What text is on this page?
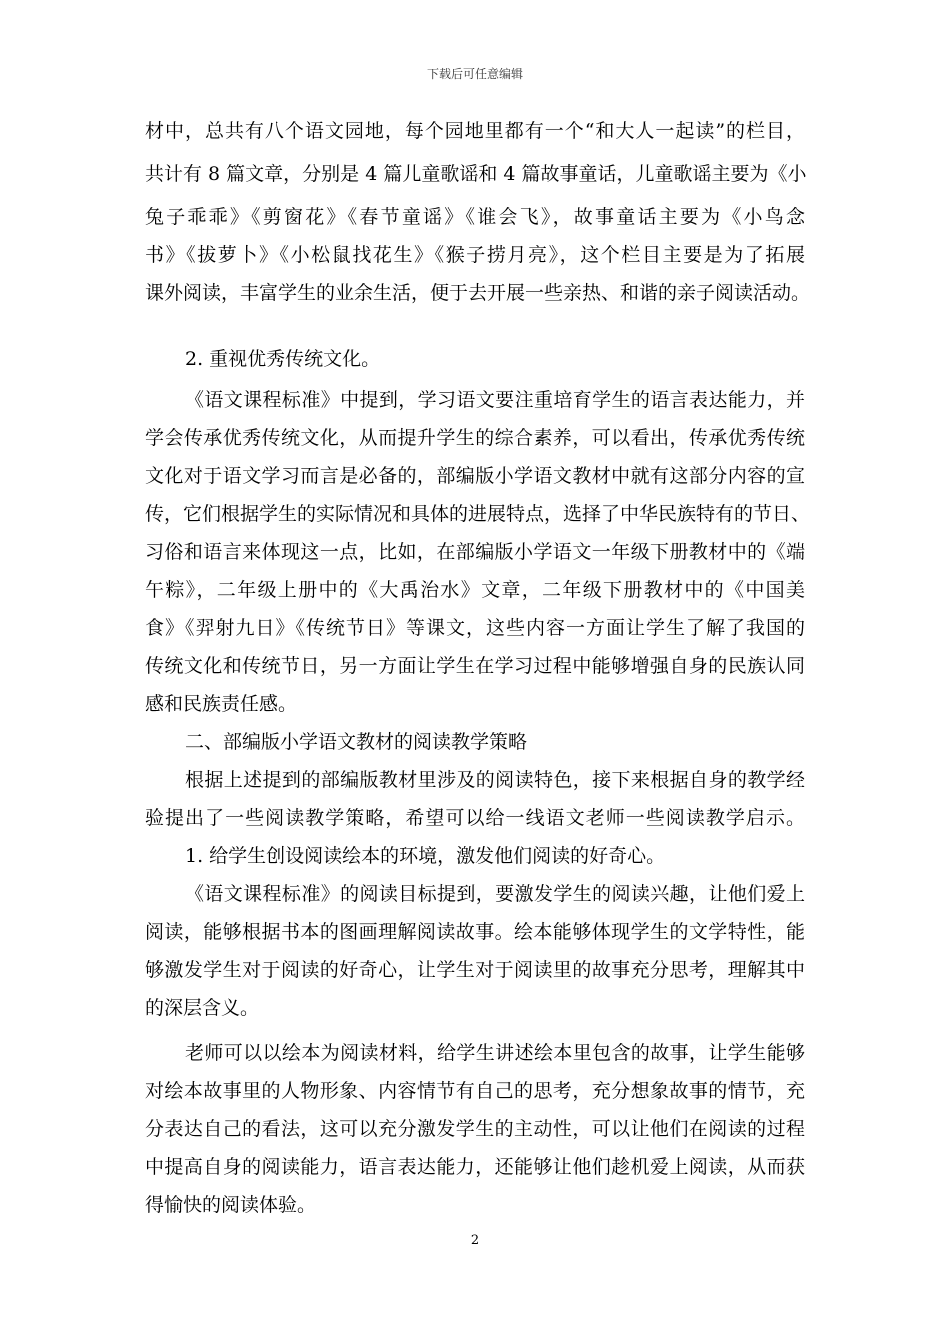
下载后可任意编辑
材中，总共有八个语文园地，每个园地里都有一个“和大人一起读”的栏目，
共计有 8 篇文章，分别是 4 篇儿童歌谣和 4 篇故事童话，儿童歌谣主要为《小
兔子乖乖》《剪窗花》《春节童谣》《谁会飞》，故事童话主要为《小鸟念
书》《拔萝卜》《小松鼠找花生》《猴子捞月亮》，这个栏目主要是为了拓展
课外阅读，丰富学生的业余生活，便于去开展一些亲热、和谐的亲子阅读活动。
2. 重视优秀传统文化。
《语文课程标准》中提到，学习语文要注重培育学生的语言表达能力，并
学会传承优秀传统文化，从而提升学生的综合素养，可以看出，传承优秀传统
文化对于语文学习而言是必备的，部编版小学语文教材中就有这部分内容的宣
传，它们根据学生的实际情况和具体的进展特点，选择了中华民族特有的节日、
习俗和语言来体现这一点，比如，在部编版小学语文一年级下册教材中的《端
午粽》，二年级上册中的《大禹治水》文章，二年级下册教材中的《中国美
食》《羿射九日》《传统节日》等课文，这些内容一方面让学生了解了我国的
传统文化和传统节日，另一方面让学生在学习过程中能够增强自身的民族认同
感和民族责任感。
二、部编版小学语文教材的阅读教学策略
根据上述提到的部编版教材里涉及的阅读特色，接下来根据自身的教学经
验提出了一些阅读教学策略，希望可以给一线语文老师一些阅读教学启示。
1. 给学生创设阅读绘本的环境，激发他们阅读的好奇心。
《语文课程标准》的阅读目标提到，要激发学生的阅读兴趣，让他们爱上
阅读，能够根据书本的图画理解阅读故事。绘本能够体现学生的文学特性，能
够激发学生对于阅读的好奇心，让学生对于阅读里的故事充分思考，理解其中
的深层含义。
老师可以以绘本为阅读材料，给学生讲述绘本里包含的故事，让学生能够
对绘本故事里的人物形象、内容情节有自己的思考，充分想象故事的情节，充
分表达自己的看法，这可以充分激发学生的主动性，可以让他们在阅读的过程
中提高自身的阅读能力，语言表达能力，还能够让他们趁机爱上阅读，从而获
得愉快的阅读体验。
2
